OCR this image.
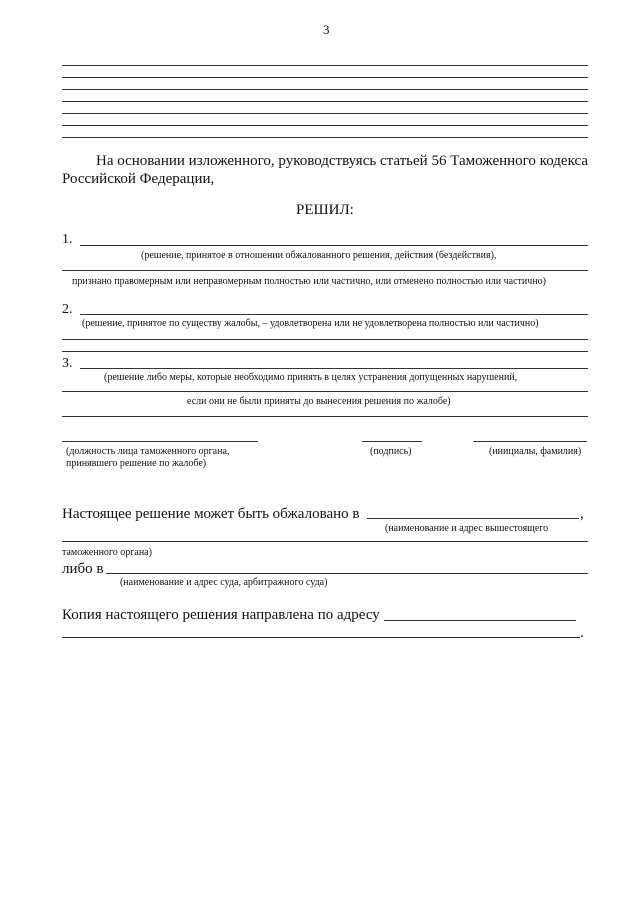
3
На основании изложенного, руководствуясь статьей 56 Таможенного кодекса
Российской Федерации,
РЕШИЛ:
1.
(решение, принятое в отношении обжалованного решения, действия (бездействия),
признано правомерным или неправомерным полностью или частично, или отменено полностью или частично)
2.
(решение, принятое по существу жалобы, – удовлетворена или не удовлетворена полностью или частично)
3.
(решение либо меры, которые необходимо принять в целях устранения допущенных нарушений,
если они не были приняты до вынесения решения по жалобе)
(должность лица таможенного органа,
принявшего решение по жалобе)
(подпись)	(инициалы, фамилия)
Настоящее решение может быть обжаловано в	,
(наименование и адрес вышестоящего
таможенного органа)
либо в
(наименование и адрес суда, арбитражного суда)
Копия настоящего решения направлена по адресу
.
